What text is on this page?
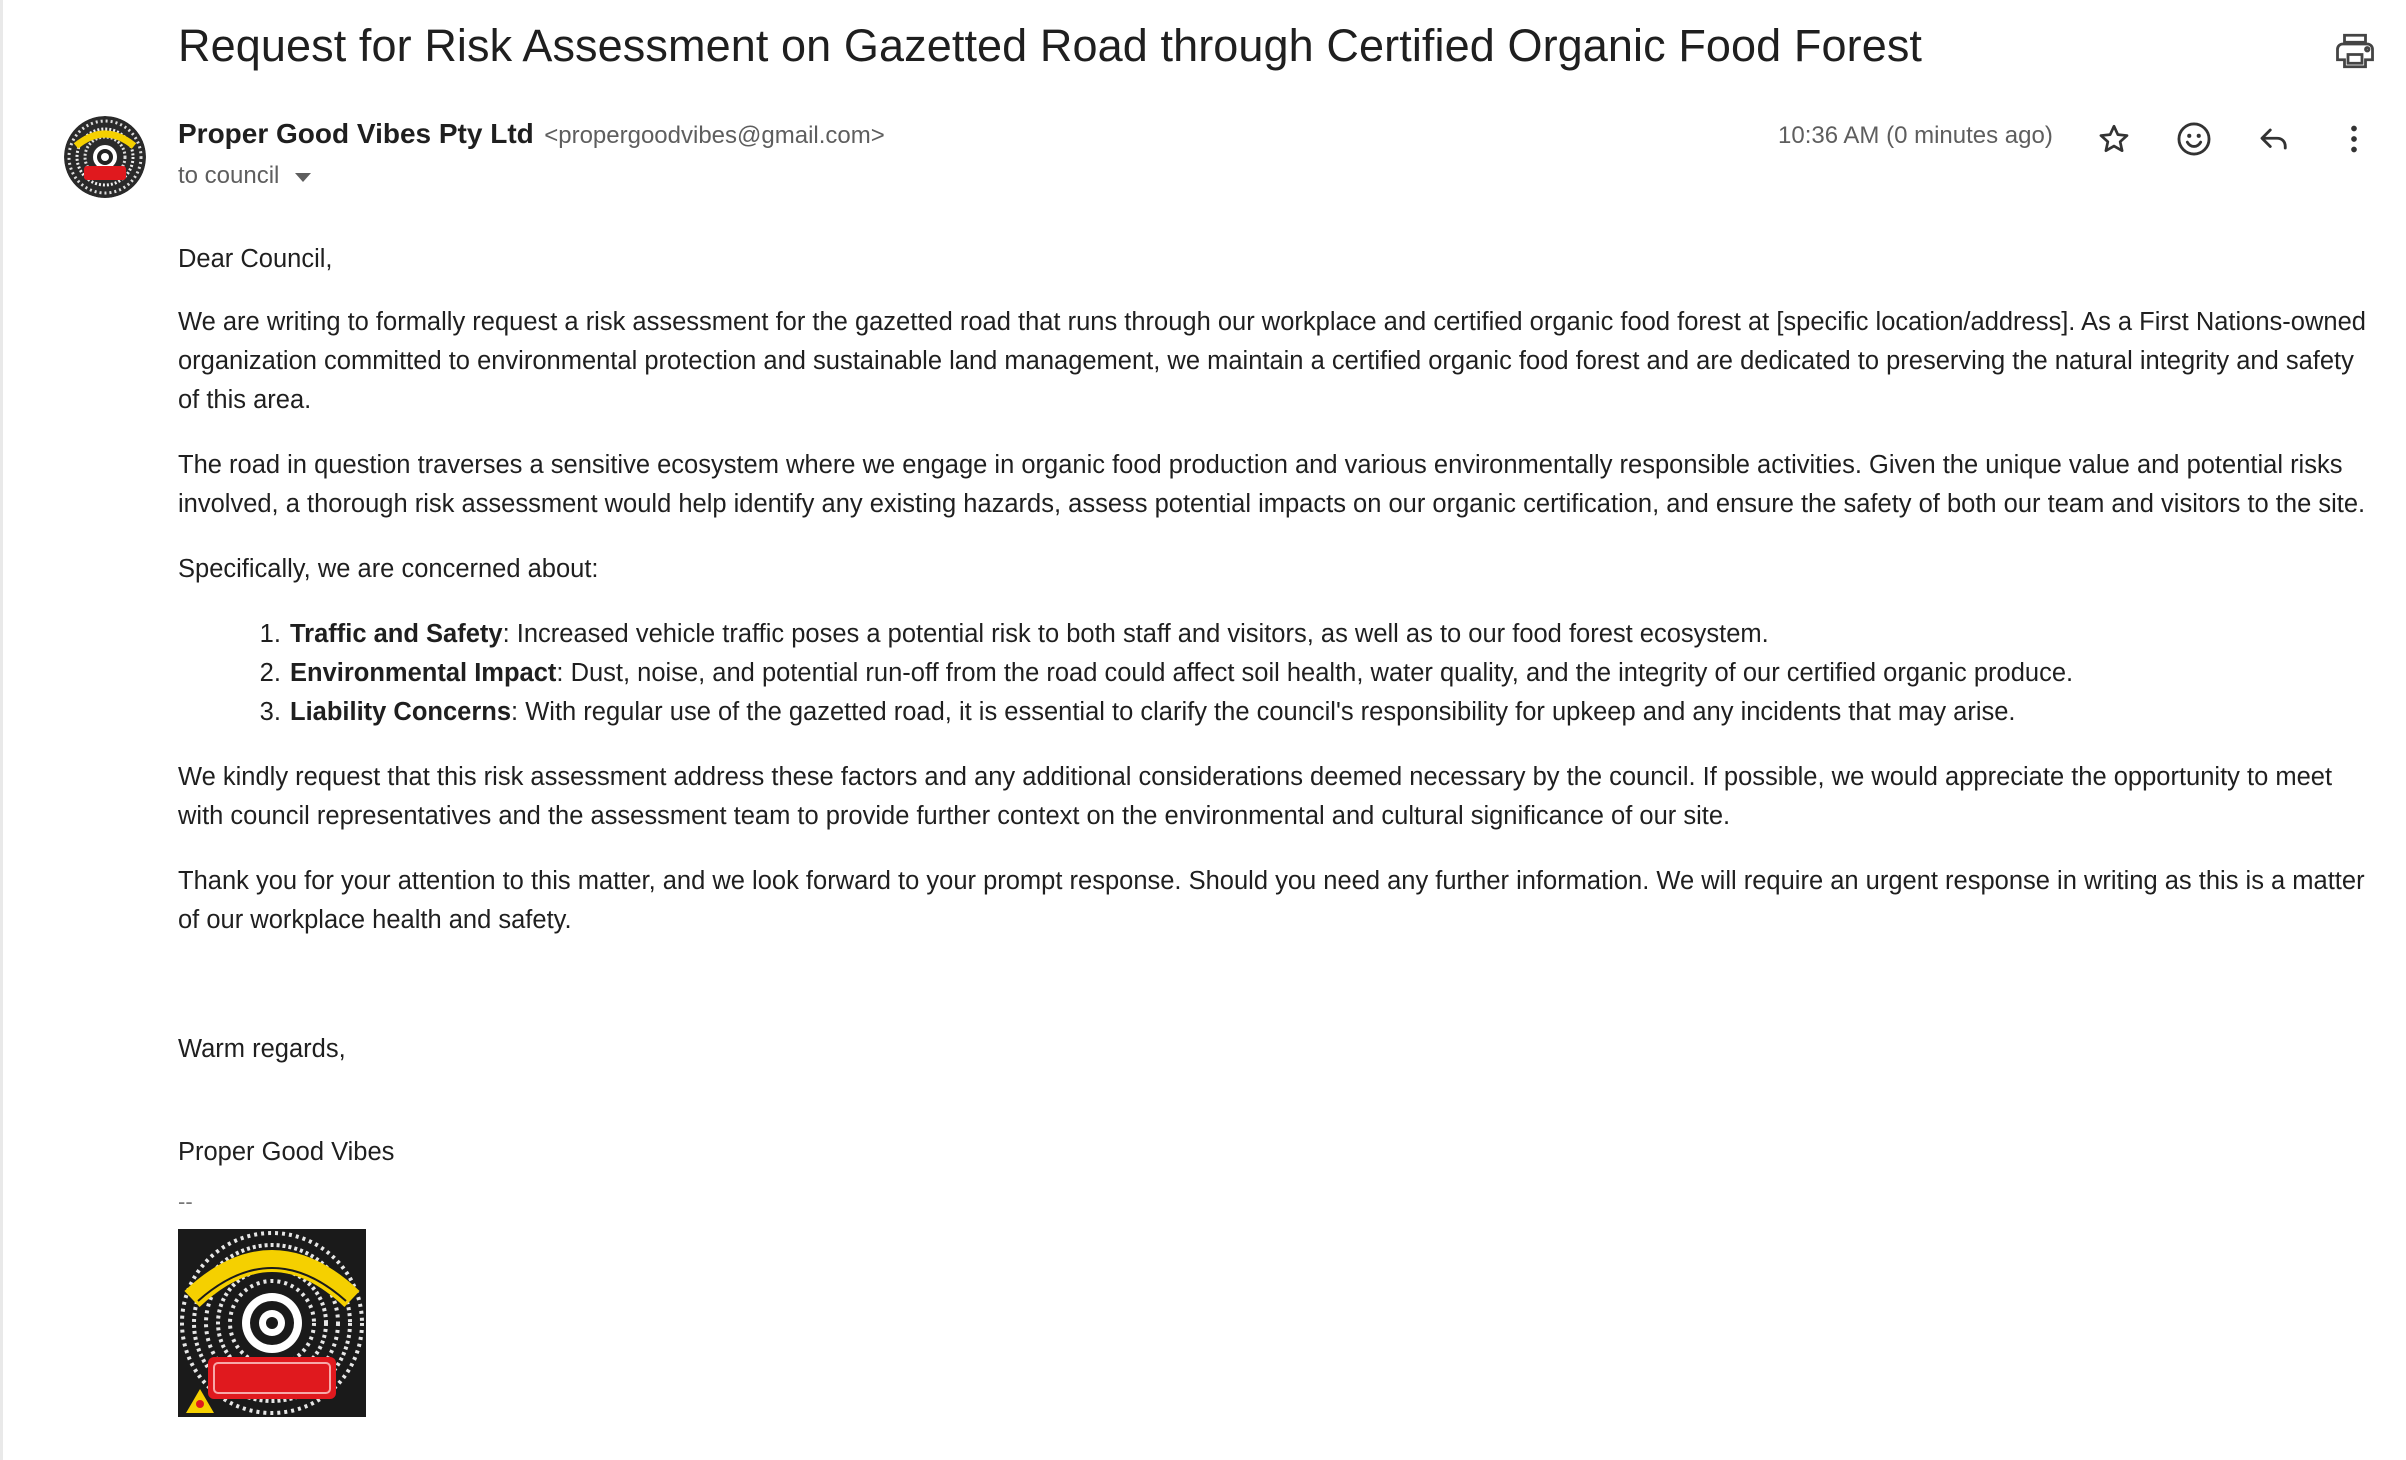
Request for Risk Assessment on Gazetted Road through Certified Organic Food Forest
Proper Good Vibes Pty Ltd <propergoodvibes@gmail.com>
to council
10:36 AM (0 minutes ago)

Dear Council,

We are writing to formally request a risk assessment for the gazetted road that runs through our workplace and certified organic food forest at [specific location/address]. As a First Nations-owned organization committed to environmental protection and sustainable land management, we maintain a certified organic food forest and are dedicated to preserving the natural integrity and safety of this area.

The road in question traverses a sensitive ecosystem where we engage in organic food production and various environmentally responsible activities. Given the unique value and potential risks involved, a thorough risk assessment would help identify any existing hazards, assess potential impacts on our organic certification, and ensure the safety of both our team and visitors to the site.

Specifically, we are concerned about:

1. Traffic and Safety: Increased vehicle traffic poses a potential risk to both staff and visitors, as well as to our food forest ecosystem.
2. Environmental Impact: Dust, noise, and potential run-off from the road could affect soil health, water quality, and the integrity of our certified organic produce.
3. Liability Concerns: With regular use of the gazetted road, it is essential to clarify the council's responsibility for upkeep and any incidents that may arise.

We kindly request that this risk assessment address these factors and any additional considerations deemed necessary by the council. If possible, we would appreciate the opportunity to meet with council representatives and the assessment team to provide further context on the environmental and cultural significance of our site.

Thank you for your attention to this matter, and we look forward to your prompt response. Should you need any further information. We will require an urgent response in writing as this is a matter of our workplace health and safety.

Warm regards,

Proper Good Vibes

--
